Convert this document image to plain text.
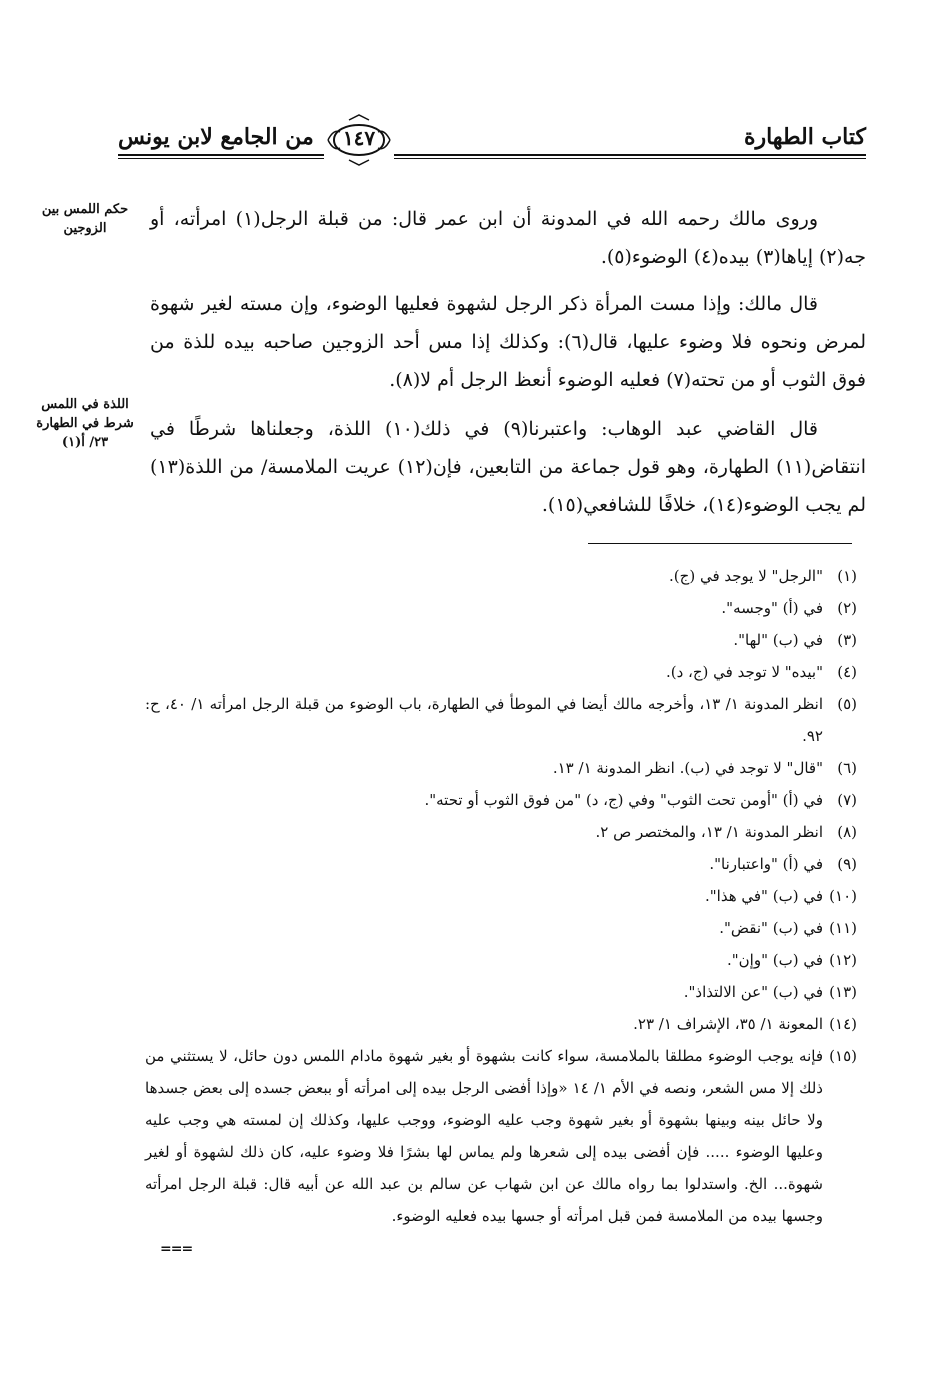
كتاب الطهارة
من الجامع لابن يونس	١٤٧
حكم اللمس بين الزوجين
اللذة في اللمس شرط في الطهارة ٢٣/ أ(١)

وروى مالك رحمه الله في المدونة أن ابن عمر قال: من قبلة الرجل(١) امرأته، أو جه(٢) إياها(٣) بيده(٤) الوضوء(٥).

قال مالك: وإذا مست المرأة ذكر الرجل لشهوة فعليها الوضوء، وإن مسته لغير شهوة لمرض ونحوه فلا وضوء عليها، قال(٦): وكذلك إذا مس أحد الزوجين صاحبه بيده للذة من فوق الثوب أو من تحته(٧) فعليه الوضوء أنعظ الرجل أم لا(٨).

قال القاضي عبد الوهاب: واعتبرنا(٩) في ذلك(١٠) اللذة، وجعلناها شرطًا في انتقاض(١١) الطهارة، وهو قول جماعة من التابعين، فإن(١٢) عريت الملامسة/ من اللذة(١٣) لم يجب الوضوء(١٤)، خلافًا للشافعي(١٥).

(١)
"الرجل" لا يوجد في (ج).
(٢)
في (أ) "وجسه".
(٣)
في (ب) "لها".
(٤)
"بيده" لا توجد في (ج، د).
(٥)
انظر المدونة ١/ ١٣، وأخرجه مالك أيضا في الموطأ في الطهارة، باب الوضوء من قبلة الرجل امرأته ١/ ٤٠، ح: ٩٢.
(٦)
"قال" لا توجد في (ب). انظر المدونة ١/ ١٣.
(٧)
في (أ) "أومن تحت الثوب" وفي (ج، د) "من فوق الثوب أو تحته".
(٨)
انظر المدونة ١/ ١٣، والمختصر ص ٢.
(٩)
في (أ) "واعتبارنا".
(١٠)
في (ب) "في هذا".
(١١)
في (ب) "نقض".
(١٢)
في (ب) "وإن".
(١٣)
في (ب) "عن الالتذاذ".
(١٤)
المعونة ١/ ٣٥، الإشراف ١/ ٢٣.
(١٥)
فإنه يوجب الوضوء مطلقا بالملامسة، سواء كانت بشهوة أو بغير شهوة مادام اللمس دون حائل، لا يستثني من ذلك إلا مس الشعر، ونصه في الأم ١/ ١٤ «وإذا أفضى الرجل بيده إلى امرأته أو ببعض جسده إلى بعض جسدها ولا حائل بينه وبينها بشهوة أو بغير شهوة وجب عليه الوضوء، ووجب عليها، وكذلك إن لمسته هي وجب عليه وعليها الوضوء ..... فإن أفضى بيده إلى شعرها ولم يماس لها بشرًا فلا وضوء عليه، كان ذلك لشهوة أو لغير شهوة... الخ. واستدلوا بما رواه مالك عن ابن شهاب عن سالم بن عبد الله عن أبيه قال: قبلة الرجل امرأته وجسها بيده من الملامسة فمن قبل امرأته أو جسها بيده فعليه الوضوء.
===
